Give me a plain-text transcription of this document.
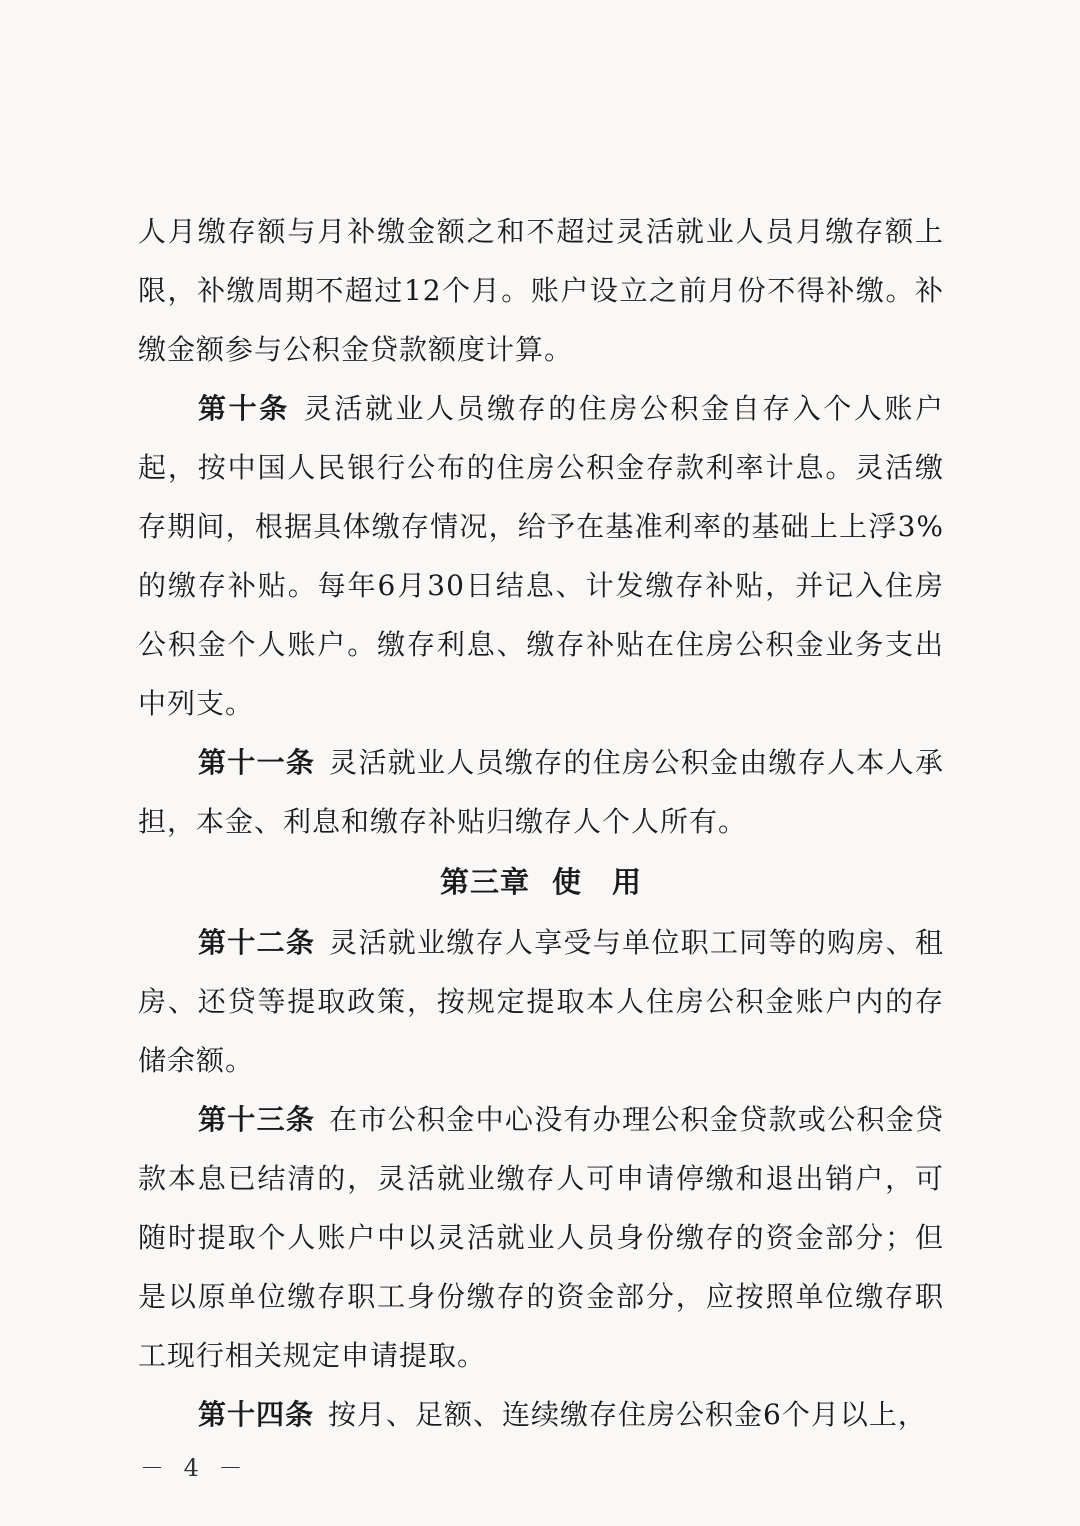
人月缴存额与月补缴金额之和不超过灵活就业人员月缴存额上限，补缴周期不超过12个月。账户设立之前月份不得补缴。补缴金额参与公积金贷款额度计算。

第十条 灵活就业人员缴存的住房公积金自存入个人账户起，按中国人民银行公布的住房公积金存款利率计息。灵活缴存期间，根据具体缴存情况，给予在基准利率的基础上上浮3%的缴存补贴。每年6月30日结息、计发缴存补贴，并记入住房公积金个人账户。缴存利息、缴存补贴在住房公积金业务支出中列支。

第十一条 灵活就业人员缴存的住房公积金由缴存人本人承担，本金、利息和缴存补贴归缴存人个人所有。

第三章 使　用

第十二条 灵活就业缴存人享受与单位职工同等的购房、租房、还贷等提取政策，按规定提取本人住房公积金账户内的存储余额。

第十三条 在市公积金中心没有办理公积金贷款或公积金贷款本息已结清的，灵活就业缴存人可申请停缴和退出销户，可随时提取个人账户中以灵活就业人员身份缴存的资金部分；但是以原单位缴存职工身份缴存的资金部分，应按照单位缴存职工现行相关规定申请提取。

第十四条 按月、足额、连续缴存住房公积金6个月以上，

－ 4 －
